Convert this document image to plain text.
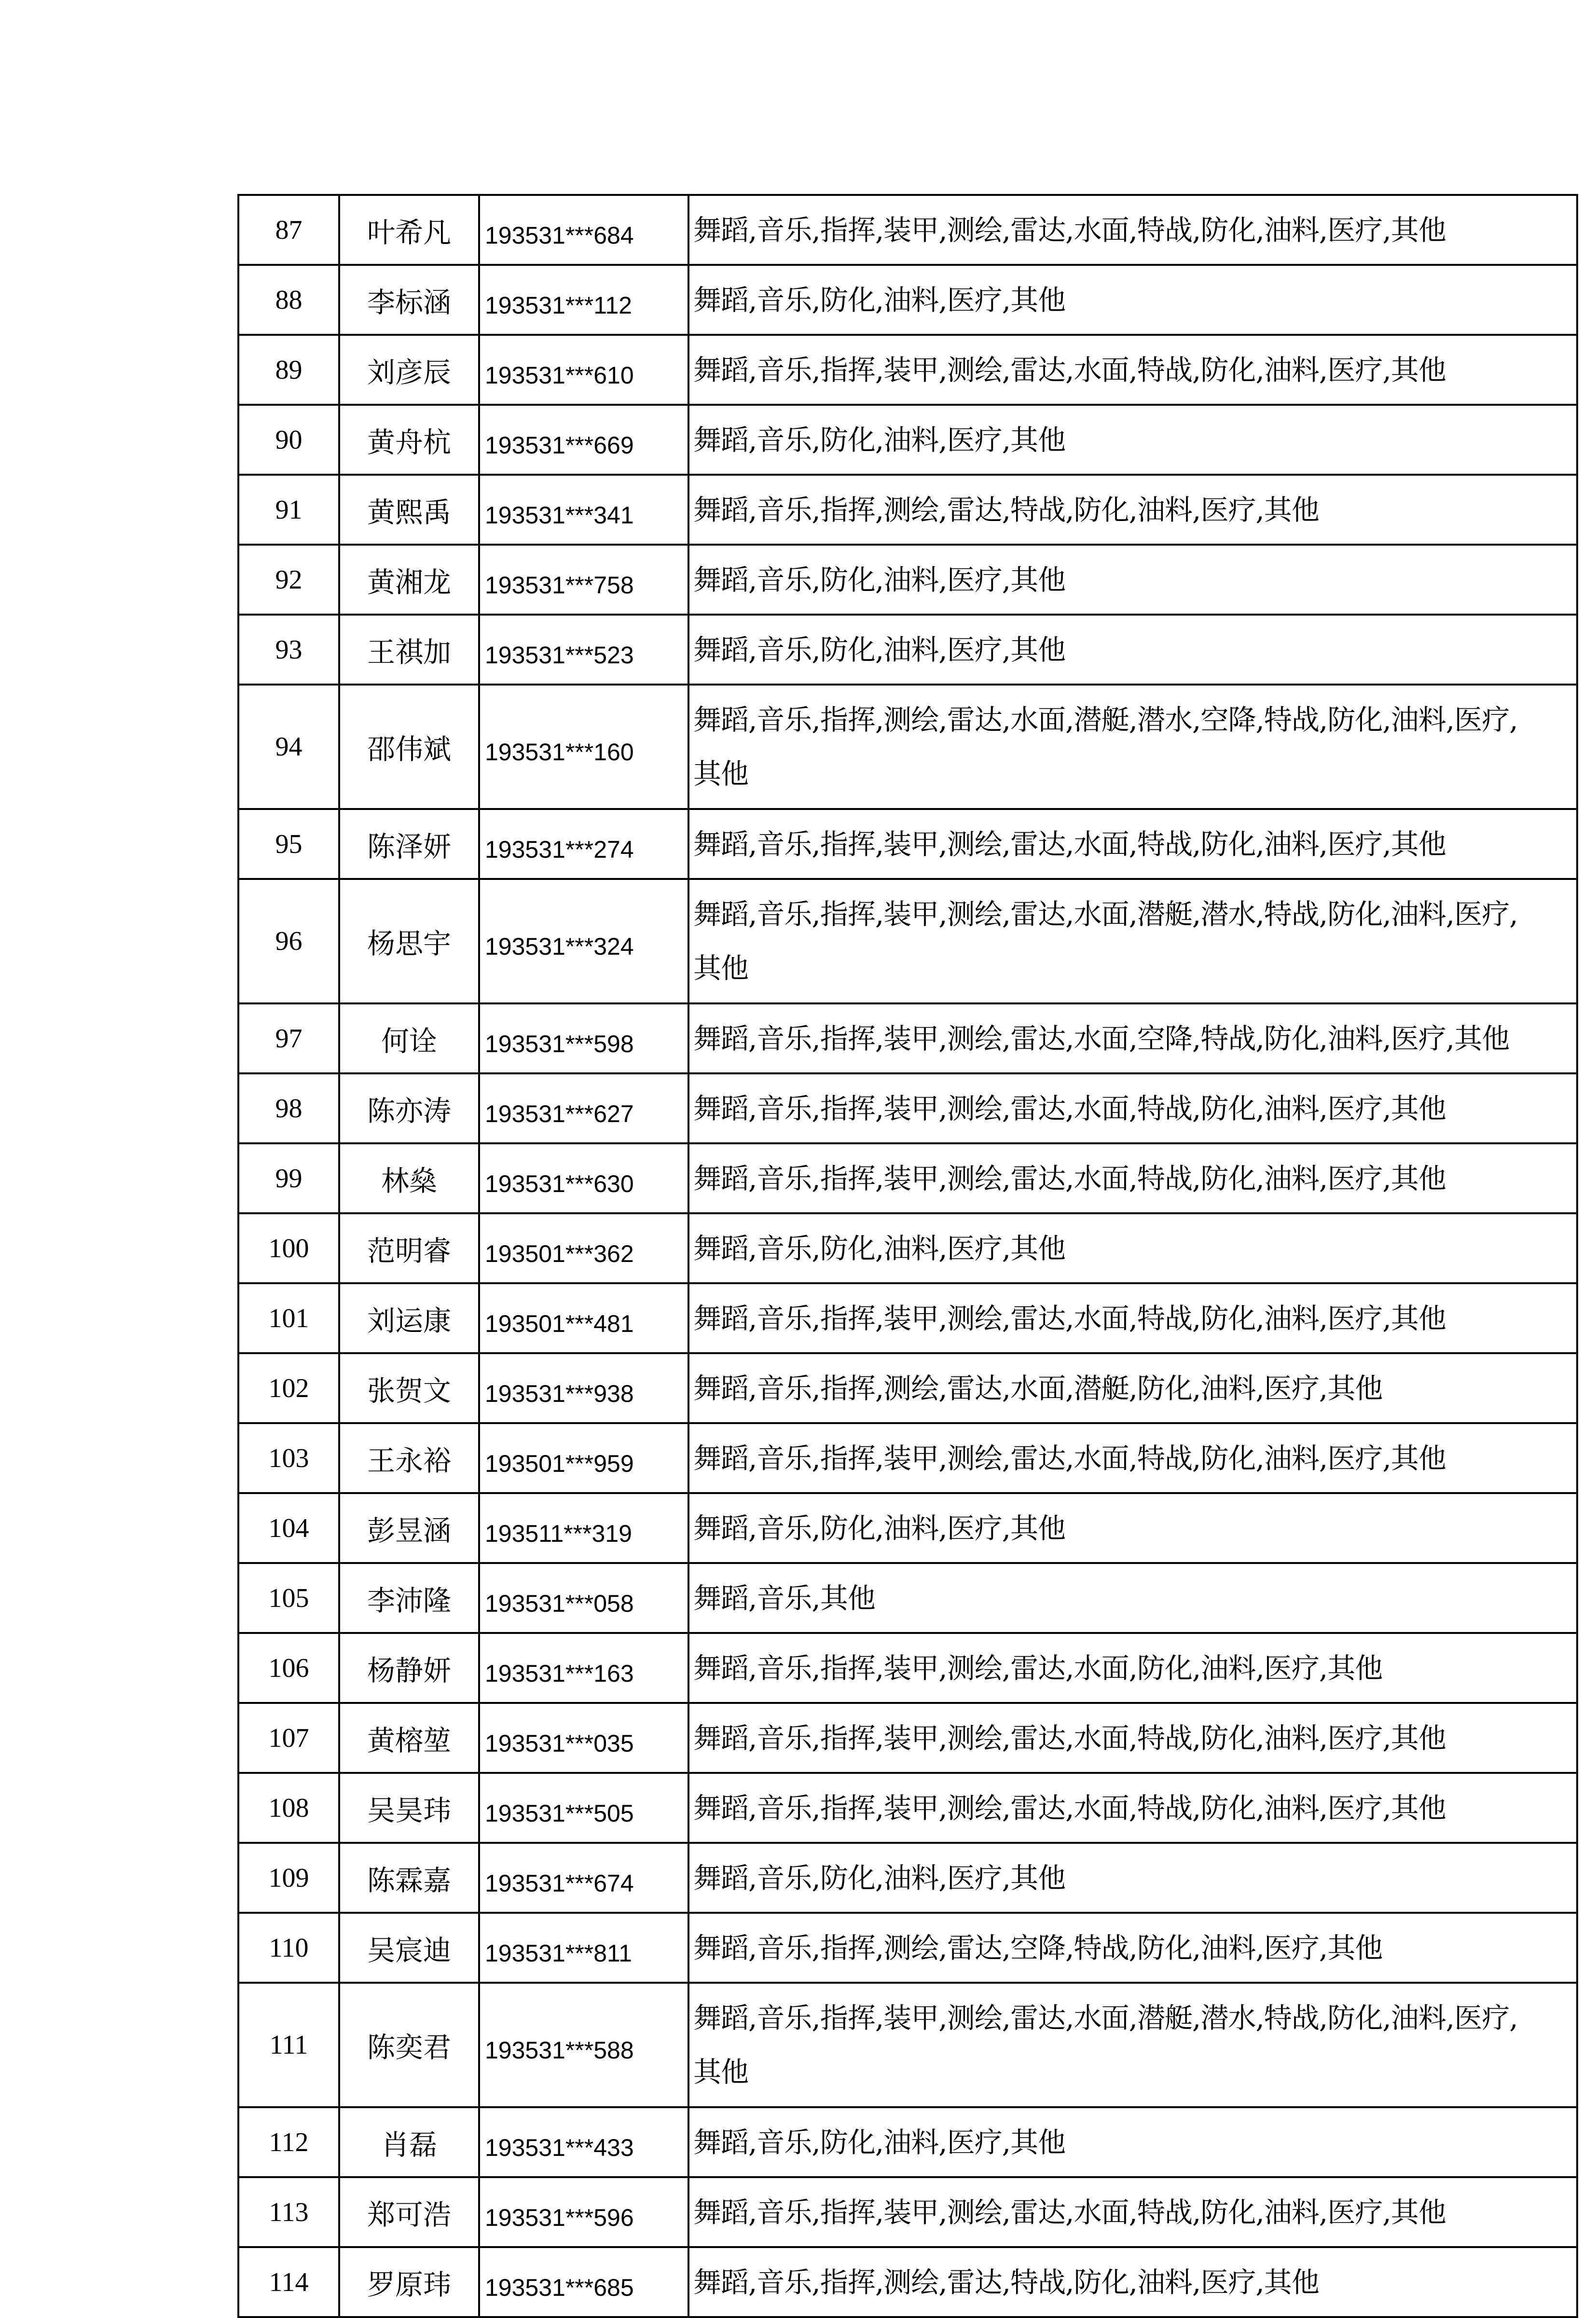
87	叶希凡	193531***684	舞蹈,音乐,指挥,装甲,测绘,雷达,水面,特战,防化,油料,医疗,其他

88	李标涵	193531***112	舞蹈,音乐,防化,油料,医疗,其他

89	刘彦辰	193531***610	舞蹈,音乐,指挥,装甲,测绘,雷达,水面,特战,防化,油料,医疗,其他

90	黄舟杭	193531***669	舞蹈,音乐,防化,油料,医疗,其他

91	黄熙禹	193531***341	舞蹈,音乐,指挥,测绘,雷达,特战,防化,油料,医疗,其他

92	黄湘龙	193531***758	舞蹈,音乐,防化,油料,医疗,其他

93	王祺加	193531***523	舞蹈,音乐,防化,油料,医疗,其他

94	邵伟斌	193531***160	舞蹈,音乐,指挥,测绘,雷达,水面,潜艇,潜水,空降,特战,防化,油料,医疗,
其他

95	陈泽妍	193531***274	舞蹈,音乐,指挥,装甲,测绘,雷达,水面,特战,防化,油料,医疗,其他

96	杨思宇	193531***324	舞蹈,音乐,指挥,装甲,测绘,雷达,水面,潜艇,潜水,特战,防化,油料,医疗,
其他

97	何诠	193531***598	舞蹈,音乐,指挥,装甲,测绘,雷达,水面,空降,特战,防化,油料,医疗,其他

98	陈亦涛	193531***627	舞蹈,音乐,指挥,装甲,测绘,雷达,水面,特战,防化,油料,医疗,其他

99	林燊	193531***630	舞蹈,音乐,指挥,装甲,测绘,雷达,水面,特战,防化,油料,医疗,其他

100	范明睿	193501***362	舞蹈,音乐,防化,油料,医疗,其他

101	刘运康	193501***481	舞蹈,音乐,指挥,装甲,测绘,雷达,水面,特战,防化,油料,医疗,其他

102	张贺文	193531***938	舞蹈,音乐,指挥,测绘,雷达,水面,潜艇,防化,油料,医疗,其他

103	王永裕	193501***959	舞蹈,音乐,指挥,装甲,测绘,雷达,水面,特战,防化,油料,医疗,其他

104	彭昱涵	193511***319	舞蹈,音乐,防化,油料,医疗,其他

105	李沛隆	193531***058	舞蹈,音乐,其他

106	杨静妍	193531***163	舞蹈,音乐,指挥,装甲,测绘,雷达,水面,防化,油料,医疗,其他

107	黄榕堃	193531***035	舞蹈,音乐,指挥,装甲,测绘,雷达,水面,特战,防化,油料,医疗,其他

108	吴昊玮	193531***505	舞蹈,音乐,指挥,装甲,测绘,雷达,水面,特战,防化,油料,医疗,其他

109	陈霖嘉	193531***674	舞蹈,音乐,防化,油料,医疗,其他

110	吴宸迪	193531***811	舞蹈,音乐,指挥,测绘,雷达,空降,特战,防化,油料,医疗,其他

111	陈奕君	193531***588	舞蹈,音乐,指挥,装甲,测绘,雷达,水面,潜艇,潜水,特战,防化,油料,医疗,
其他

112	肖磊	193531***433	舞蹈,音乐,防化,油料,医疗,其他

113	郑可浩	193531***596	舞蹈,音乐,指挥,装甲,测绘,雷达,水面,特战,防化,油料,医疗,其他

114	罗原玮	193531***685	舞蹈,音乐,指挥,测绘,雷达,特战,防化,油料,医疗,其他
